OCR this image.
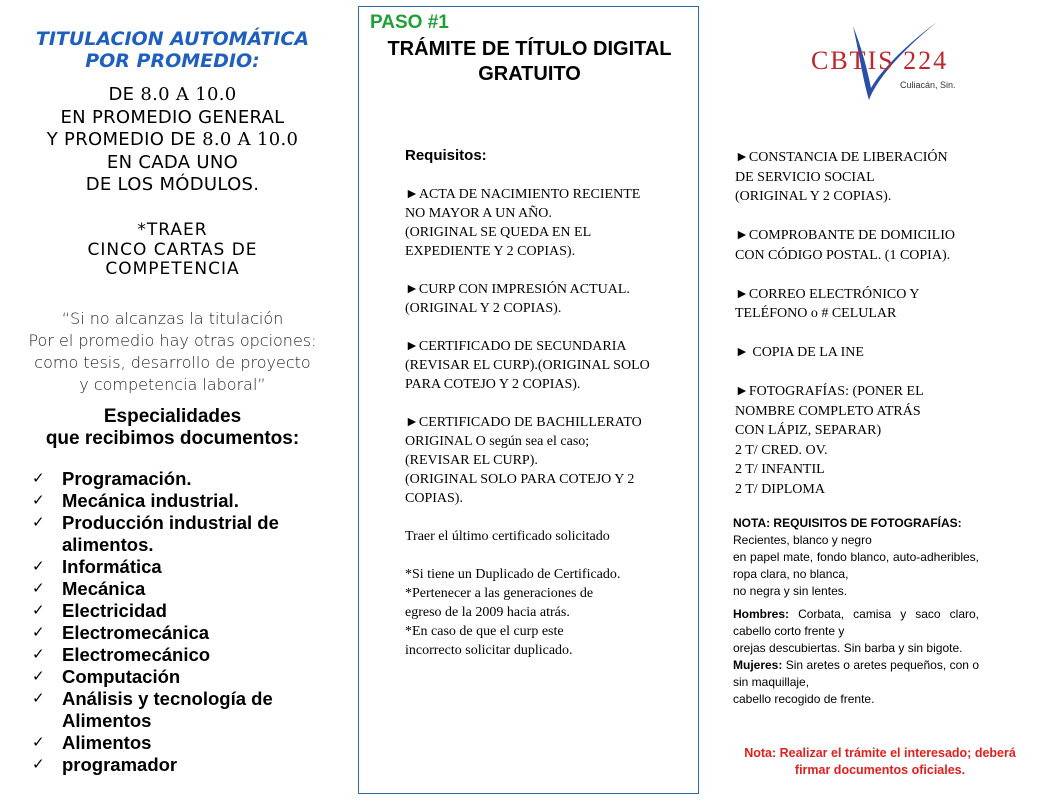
TITULACION AUTOMÁTICA
POR PROMEDIO:
DE 8.0 A 10.0
EN PROMEDIO GENERAL
Y PROMEDIO DE 8.0 A 10.0
EN CADA UNO
DE LOS MÓDULOS.
*TRAER
CINCO CARTAS DE
COMPETENCIA
“Si no alcanzas la titulación
Por el promedio hay otras opciones:
como tesis, desarrollo de proyecto
y competencia laboral”
Especialidades
que recibimos documentos:
✓ Programación.
✓ Mecánica industrial.
✓ Producción industrial de alimentos.
✓ Informática
✓ Mecánica
✓ Electricidad
✓ Electromecánica
✓ Electromecánico
✓ Computación
✓ Análisis y tecnología de Alimentos
✓ Alimentos
✓ programador
PASO #1
TRÁMITE DE TÍTULO DIGITAL
GRATUITO
Requisitos:

►ACTA DE NACIMIENTO RECIENTE
NO MAYOR A UN AÑO.
(ORIGINAL SE QUEDA EN EL
EXPEDIENTE Y 2 COPIAS).

►CURP CON IMPRESIÓN ACTUAL.
(ORIGINAL Y 2 COPIAS).

►CERTIFICADO DE SECUNDARIA
(REVISAR EL CURP).(ORIGINAL SOLO
PARA COTEJO Y 2 COPIAS).

►CERTIFICADO DE BACHILLERATO
ORIGINAL O según sea el caso;
(REVISAR EL CURP).
(ORIGINAL SOLO PARA COTEJO Y 2
COPIAS).

Traer el último certificado solicitado

*Si tiene un Duplicado de Certificado.
*Pertenecer a las generaciones de
egreso de la 2009 hacia atrás.
*En caso de que el curp este
incorrecto solicitar duplicado.

CBTIS 224
Culiacán, Sin.

►CONSTANCIA DE LIBERACIÓN
DE SERVICIO SOCIAL
(ORIGINAL Y 2 COPIAS).

►COMPROBANTE DE DOMICILIO
CON CÓDIGO POSTAL. (1 COPIA).

►CORREO ELECTRÓNICO Y
TELÉFONO o # CELULAR

► COPIA DE LA INE

►FOTOGRAFÍAS: (PONER EL
NOMBRE COMPLETO ATRÁS
CON LÁPIZ, SEPARAR)
2 T/ CRED. OV.
2 T/ INFANTIL
2 T/ DIPLOMA

NOTA: REQUISITOS DE FOTOGRAFÍAS:

Recientes, blanco y negro

en papel mate, fondo blanco, auto-adheribles, ropa clara, no blanca,

no negra y sin lentes.

Hombres: Corbata, camisa y saco claro, cabello corto frente y

orejas descubiertas. Sin barba y sin bigote.

Mujeres: Sin aretes o aretes pequeños, con o sin maquillaje,

cabello recogido de frente.

Nota: Realizar el trámite el interesado; deberá
firmar documentos oficiales.
